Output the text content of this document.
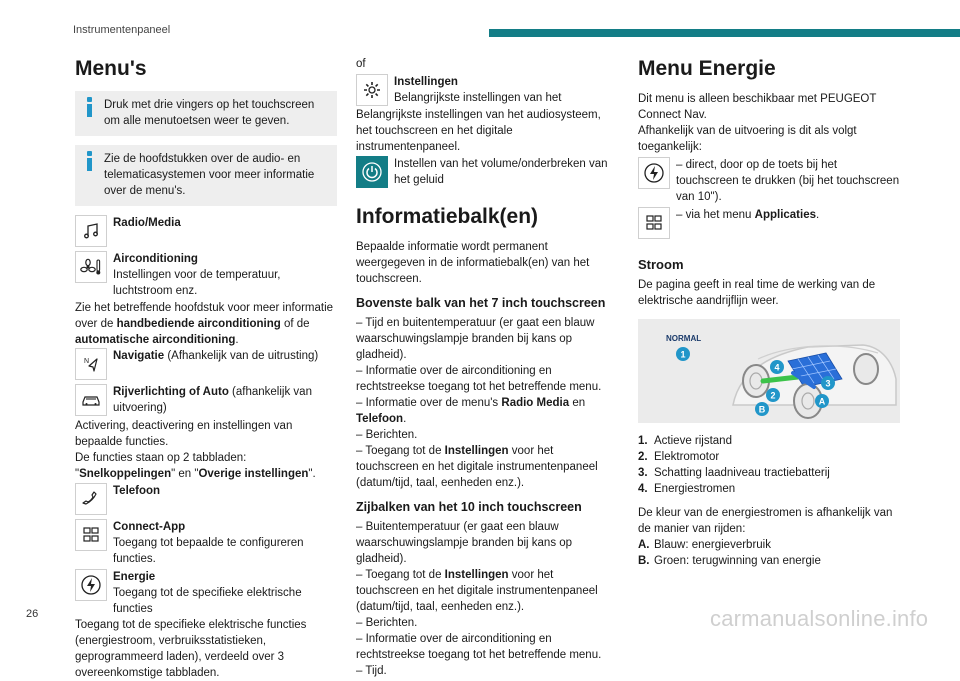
Instrumentenpaneel
Menu's
Druk met drie vingers op het touchscreen om alle menutoetsen weer te geven.
Zie de hoofdstukken over de audio- en telematicasystemen voor meer informatie over de menu's.
Radio/Media
Airconditioning
Instellingen voor de temperatuur, luchtstroom enz.

Zie het betreffende hoofdstuk voor meer informatie over de handbediende airconditioning of de automatische airconditioning.

N Navigatie (Afhankelijk van de uitrusting)
Rijverlichting of Auto (afhankelijk van uitvoering)

Activering, deactivering en instellingen van bepaalde functies.

De functies staan op 2 tabbladen: "Snelkoppelingen" en "Overige instellingen".

Telefoon
Connect-App
Toegang tot bepaalde te configureren functies.
Energie
Toegang tot de specifieke elektrische functies

Toegang tot de specifieke elektrische functies (energiestroom, verbruiksstatistieken, geprogrammeerd laden), verdeeld over 3 overeenkomstige tabbladen.

of

Instellingen
Belangrijkste instellingen van het

Belangrijkste instellingen van het audiosysteem, het touchscreen en het digitale instrumentenpaneel.

Instellen van het volume/onderbreken van het geluid
Informatiebalk(en)

Bepaalde informatie wordt permanent weergegeven in de informatiebalk(en) van het touchscreen.

Bovenste balk van het 7 inch touchscreen

– Tijd en buitentemperatuur (er gaat een blauw waarschuwingslampje branden bij kans op gladheid).

– Informatie over de airconditioning en rechtstreekse toegang tot het betreffende menu.

– Informatie over de menu's Radio Media en Telefoon.

– Berichten.

– Toegang tot de Instellingen voor het touchscreen en het digitale instrumentenpaneel (datum/tijd, taal, eenheden enz.).

Zijbalken van het 10 inch touchscreen

– Buitentemperatuur (er gaat een blauw waarschuwingslampje branden bij kans op gladheid).

– Toegang tot de Instellingen voor het touchscreen en het digitale instrumentenpaneel (datum/tijd, taal, eenheden enz.).

– Berichten.

– Informatie over de airconditioning en rechtstreekse toegang tot het betreffende menu.

– Tijd.

Menu Energie

Dit menu is alleen beschikbaar met PEUGEOT Connect Nav.

Afhankelijk van de uitvoering is dit als volgt toegankelijk:

– direct, door op de toets bij het touchscreen te drukken (bij het touchscreen van 10").
– via het menu Applicaties.
Stroom

De pagina geeft in real time de werking van de elektrische aandrijflijn weer.

NORMAL
1
4
3
2
A
B
1. Actieve rijstand
2. Elektromotor
3. Schatting laadniveau tractiebatterij
4. Energiestromen

De kleur van de energiestromen is afhankelijk van de manier van rijden:

A. Blauw: energieverbruik
B. Groen: terugwinning van energie
26	carmanualsonline.info
